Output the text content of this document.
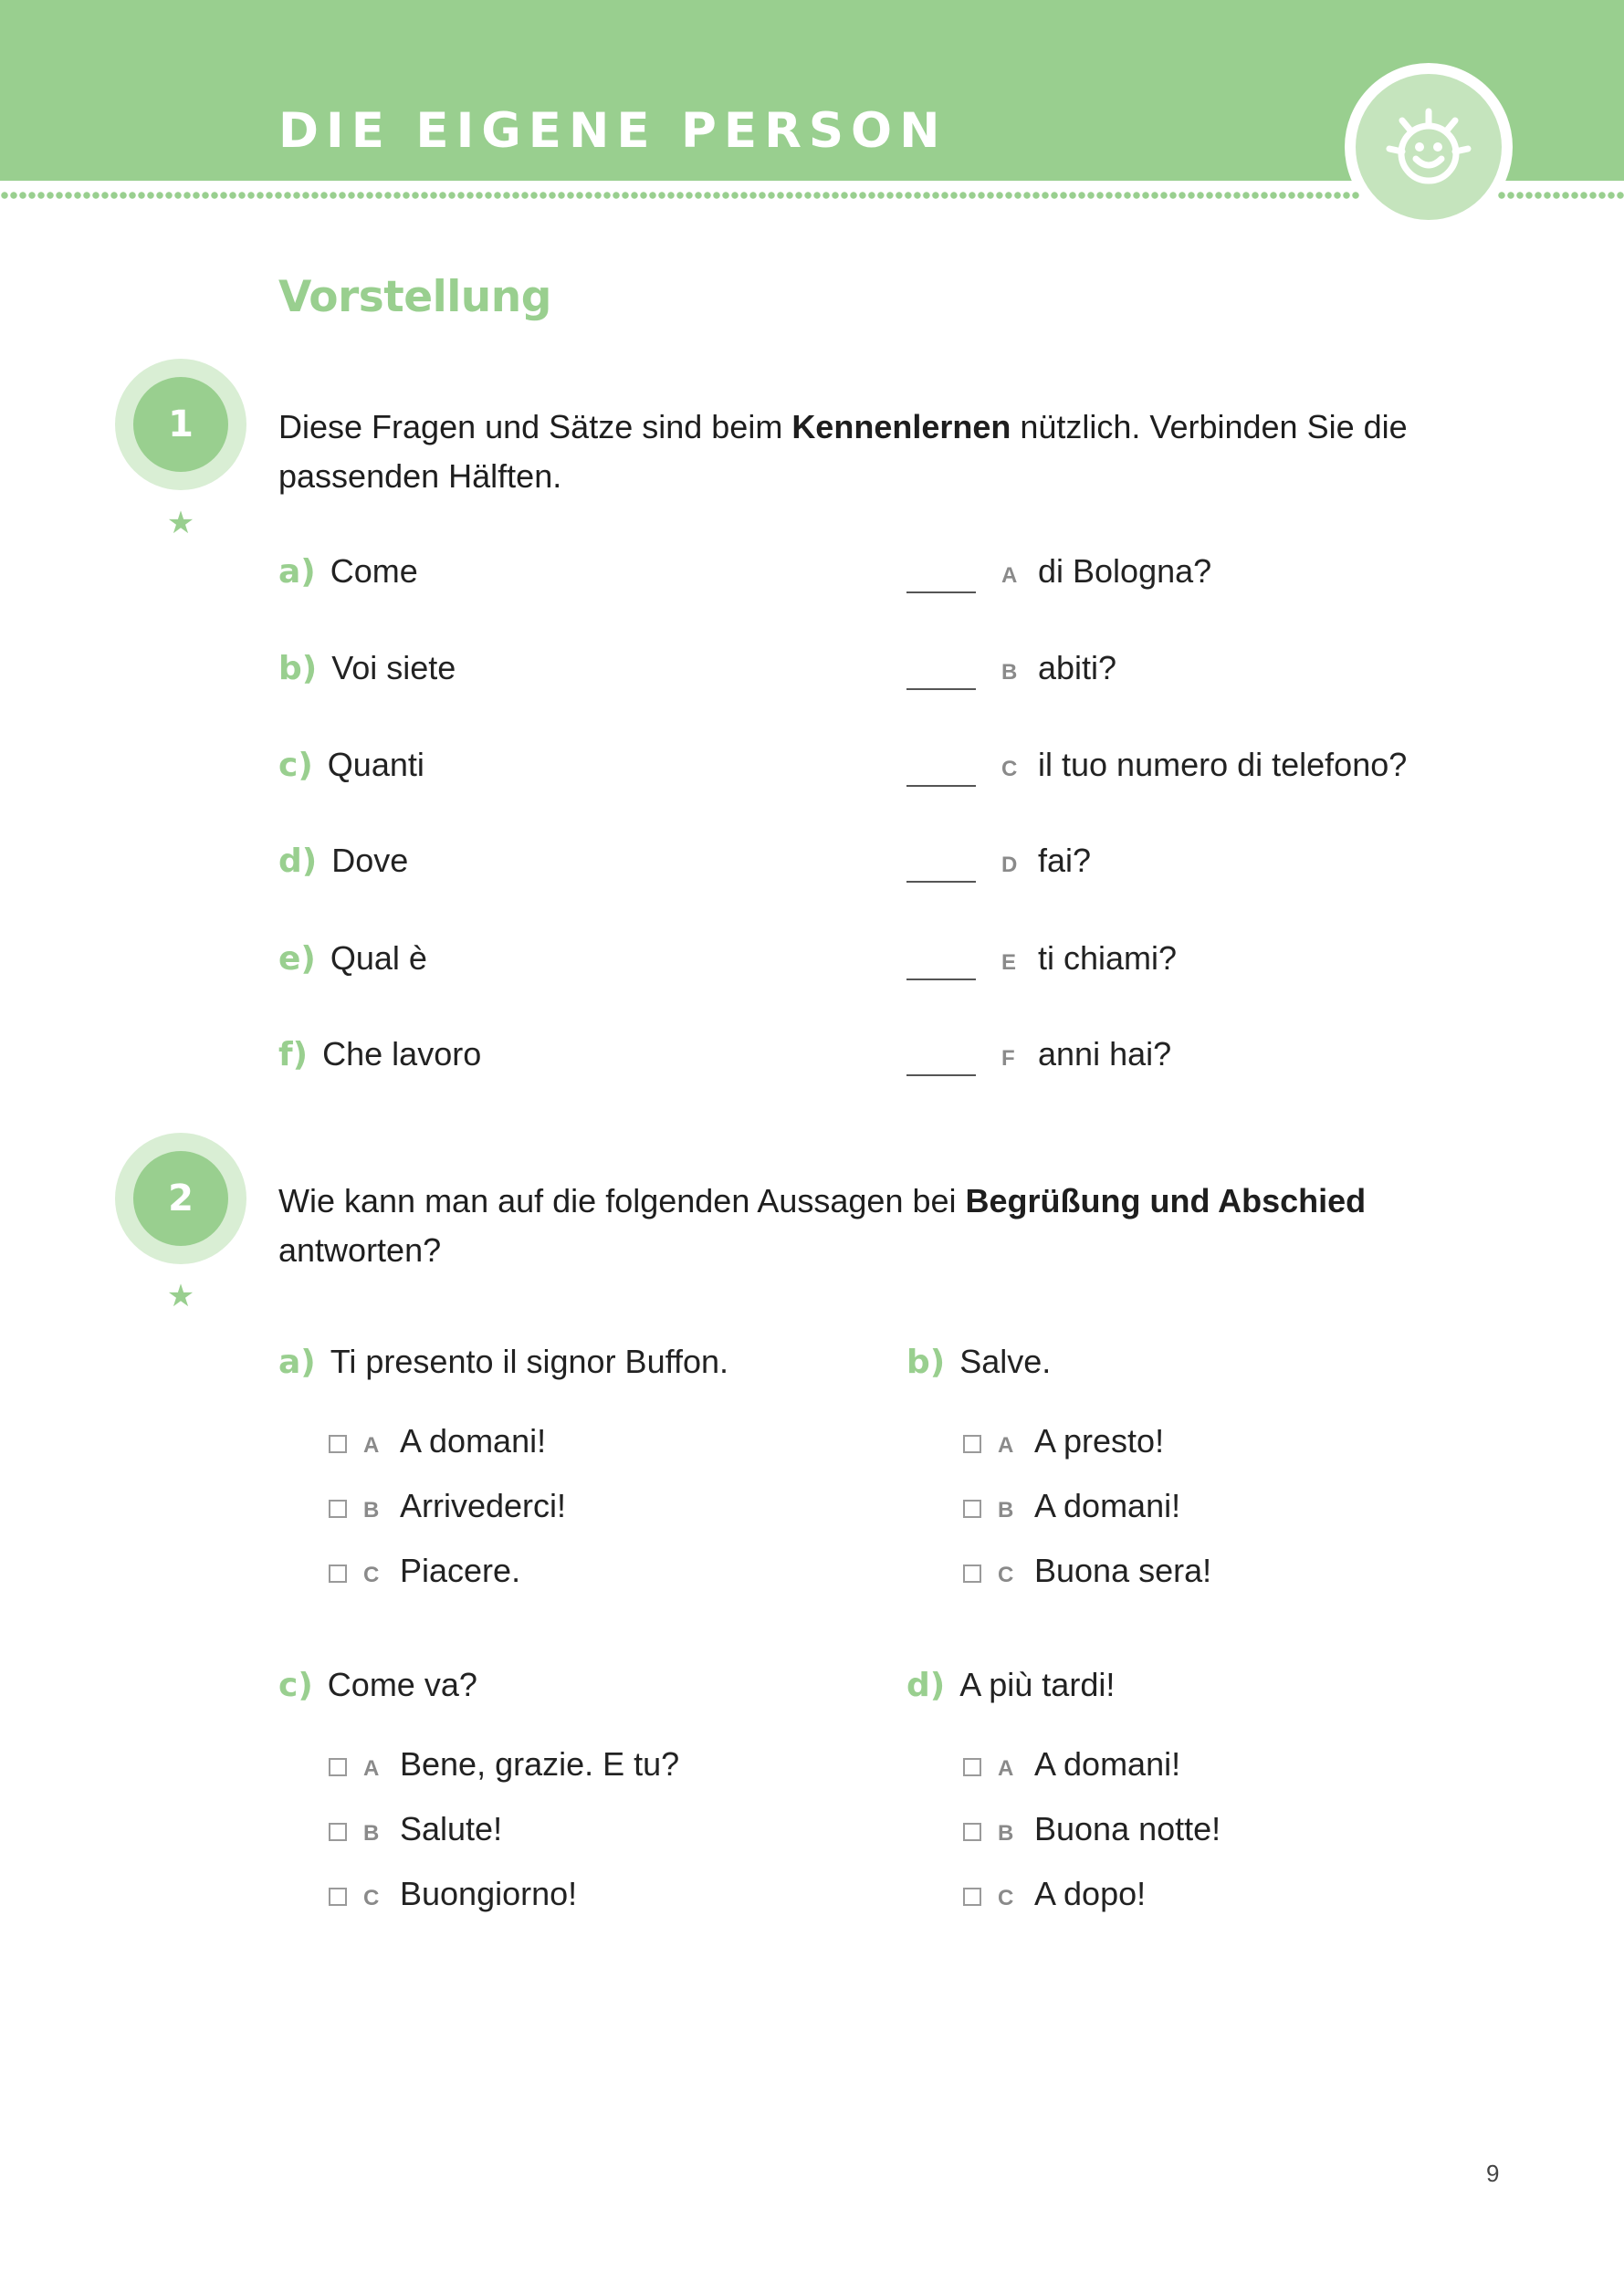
DIE EIGENE PERSON
Vorstellung
1
★
Diese Fragen und Sätze sind beim Kennenlernen nützlich. Verbinden Sie die passenden Hälften.
a) Come
b) Voi siete
c) Quanti
d) Dove
e) Qual è
f) Che lavoro
A di Bologna?
B abiti?
C il tuo numero di telefono?
D fai?
E ti chiami?
F anni hai?
2
★
Wie kann man auf die folgenden Aussagen bei Begrüßung und Abschied antworten?
a) Ti presento il signor Buffon.
A A domani!
B Arrivederci!
C Piacere.
b) Salve.
A A presto!
B A domani!
C Buona sera!
c) Come va?
A Bene, grazie. E tu?
B Salute!
C Buongiorno!
d) A più tardi!
A A domani!
B Buona notte!
C A dopo!
9
